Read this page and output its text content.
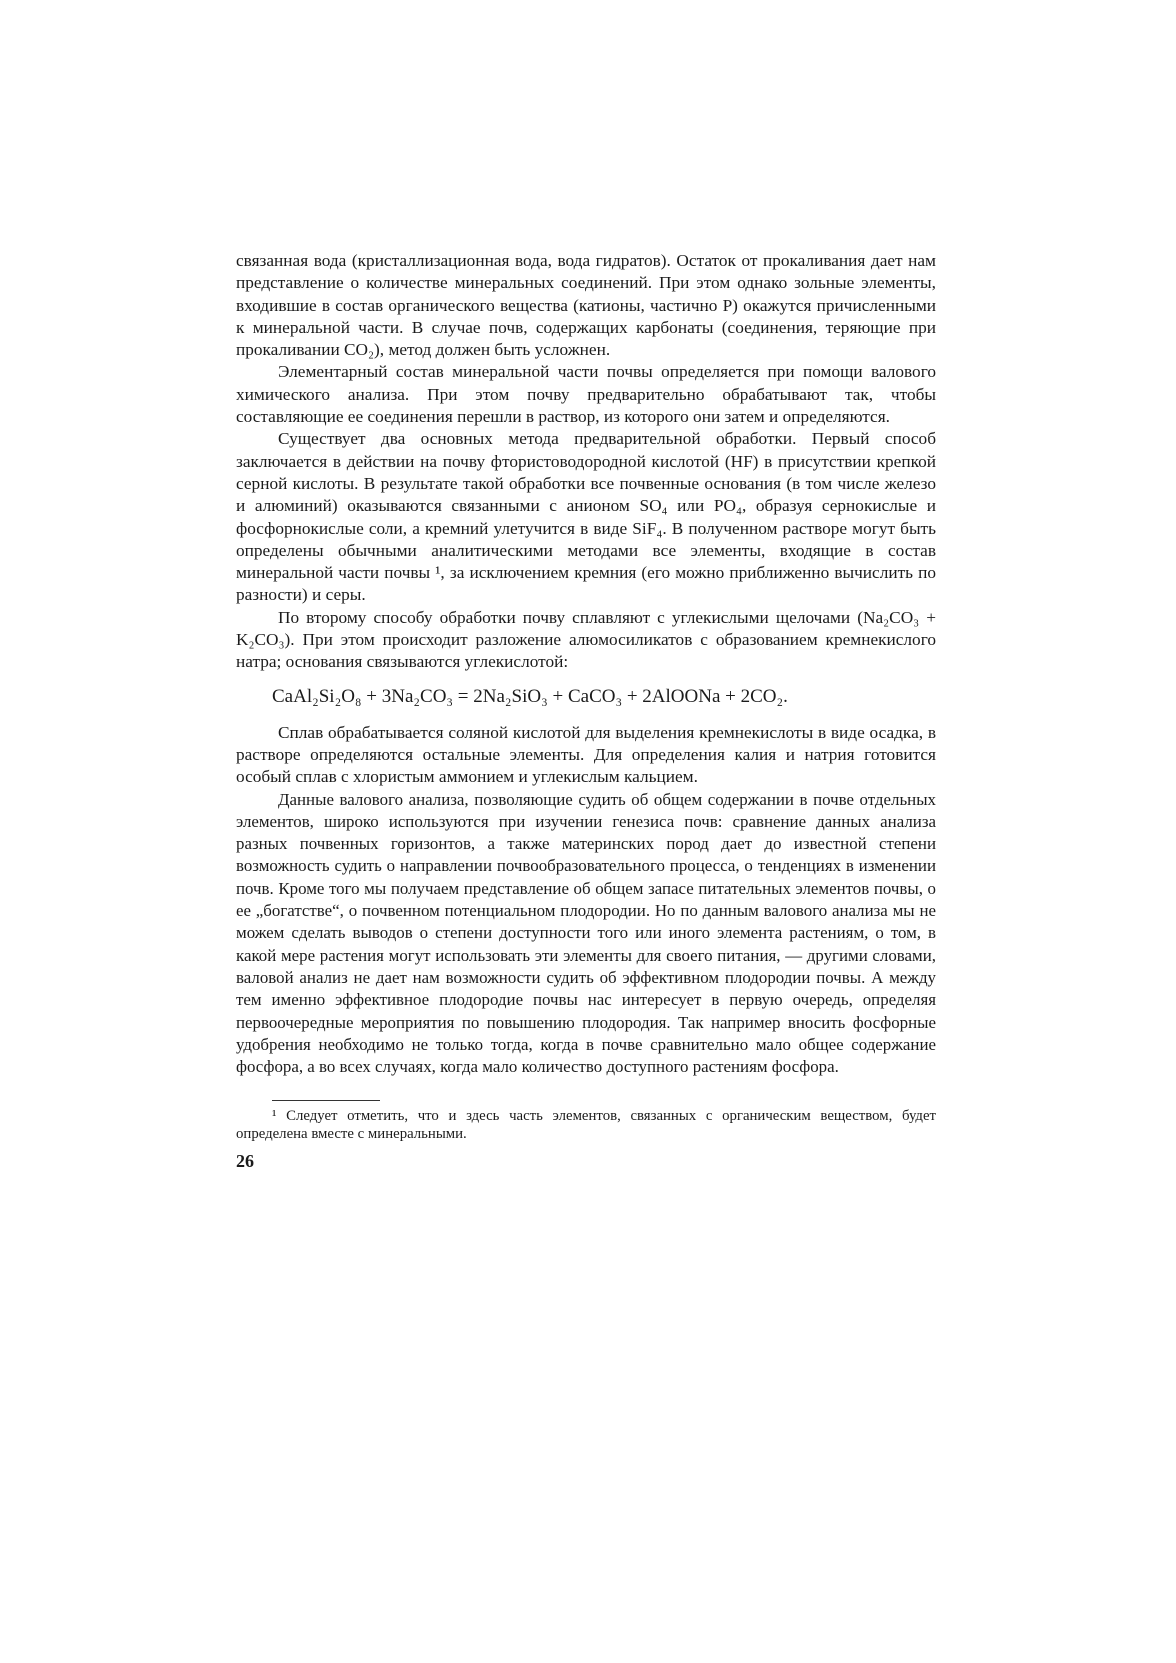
связанная вода (кристаллизационная вода, вода гидратов). Остаток от прокаливания дает нам представление о количестве минеральных соединений. При этом однако зольные элементы, входившие в состав органического вещества (катионы, частично Р) окажутся причисленными к минеральной части. В случае почв, содержащих карбонаты (соединения, теряющие при прокаливании CO₂), метод должен быть усложнен.

Элементарный состав минеральной части почвы определяется при помощи валового химического анализа. При этом почву предварительно обрабатывают так, чтобы составляющие ее соединения перешли в раствор, из которого они затем и определяются.

Существует два основных метода предварительной обработки. Первый способ заключается в действии на почву фтористоводородной кислотой (HF) в присутствии крепкой серной кислоты. В результате такой обработки все почвенные основания (в том числе железо и алюминий) оказываются связанными с анионом SO₄ или PO₄, образуя сернокислые и фосфорнокислые соли, а кремний улетучится в виде SiF₄. В полученном растворе могут быть определены обычными аналитическими методами все элементы, входящие в состав минеральной части почвы ¹, за исключением кремния (его можно приближенно вычислить по разности) и серы.

По второму способу обработки почву сплавляют с углекислыми щелочами (Na₂CO₃ + K₂CO₃). При этом происходит разложение алюмосиликатов с образованием кремнекислого натра; основания связываются углекислотой:

CaAl₂Si₂O₈ + 3Na₂CO₃ = 2Na₂SiO₃ + CaCO₃ + 2AlOONa + 2CO₂.

Сплав обрабатывается соляной кислотой для выделения кремнекислоты в виде осадка, в растворе определяются остальные элементы. Для определения калия и натрия готовится особый сплав с хлористым аммонием и углекислым кальцием.

Данные валового анализа, позволяющие судить об общем содержании в почве отдельных элементов, широко используются при изучении генезиса почв: сравнение данных анализа разных почвенных горизонтов, а также материнских пород дает до известной степени возможность судить о направлении почвообразовательного процесса, о тенденциях в изменении почв. Кроме того мы получаем представление об общем запасе питательных элементов почвы, о ее „богатстве“, о почвенном потенциальном плодородии. Но по данным валового анализа мы не можем сделать выводов о степени доступности того или иного элемента растениям, о том, в какой мере растения могут использовать эти элементы для своего питания, — другими словами, валовой анализ не дает нам возможности судить об эффективном плодородии почвы. А между тем именно эффективное плодородие почвы нас интересует в первую очередь, определяя первоочередные мероприятия по повышению плодородия. Так например вносить фосфорные удобрения необходимо не только тогда, когда в почве сравнительно мало общее содержание фосфора, а во всех случаях, когда мало количество доступного растениям фосфора.

¹ Следует отметить, что и здесь часть элементов, связанных с органическим веществом, будет определена вместе с минеральными.

26
